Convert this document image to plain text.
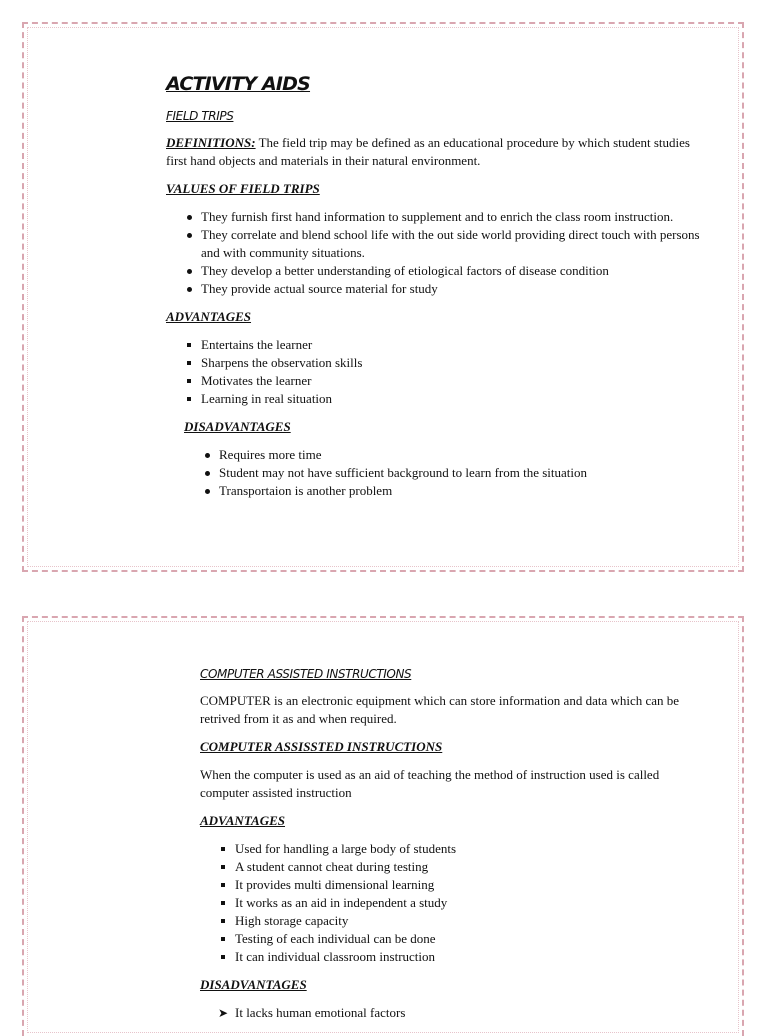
ACTIVITY AIDS
FIELD TRIPS

DEFINITIONS: The field trip may be defined as an educational procedure by which student studies first hand objects and materials in their natural environment.

VALUES OF FIELD TRIPS
They furnish first hand information to supplement and to enrich the class room instruction.
They correlate and blend school life with the out side world providing direct touch with persons and with community situations.
They develop a better understanding of etiological factors of disease condition
They provide actual source material for study
ADVANTAGES
Entertains the learner
Sharpens the observation skills
Motivates the learner
Learning in real situation
DISADVANTAGES
Requires more time
Student may not have sufficient background to learn from the situation
Transportaion is another problem
COMPUTER ASSISTED INSTRUCTIONS

COMPUTER is an electronic equipment which can store information and data which can be retrived from it as and when required.

COMPUTER ASSISSTED INSTRUCTIONS

When the computer is used as an aid of teaching the method of instruction used is called computer assisted instruction

ADVANTAGES
Used for handling a large body of students
A student cannot cheat during testing
It provides multi dimensional learning
It works as an aid in independent a study
High storage capacity
Testing of each individual can be done
It can individual classroom instruction
DISADVANTAGES
➤ It lacks human emotional factors
